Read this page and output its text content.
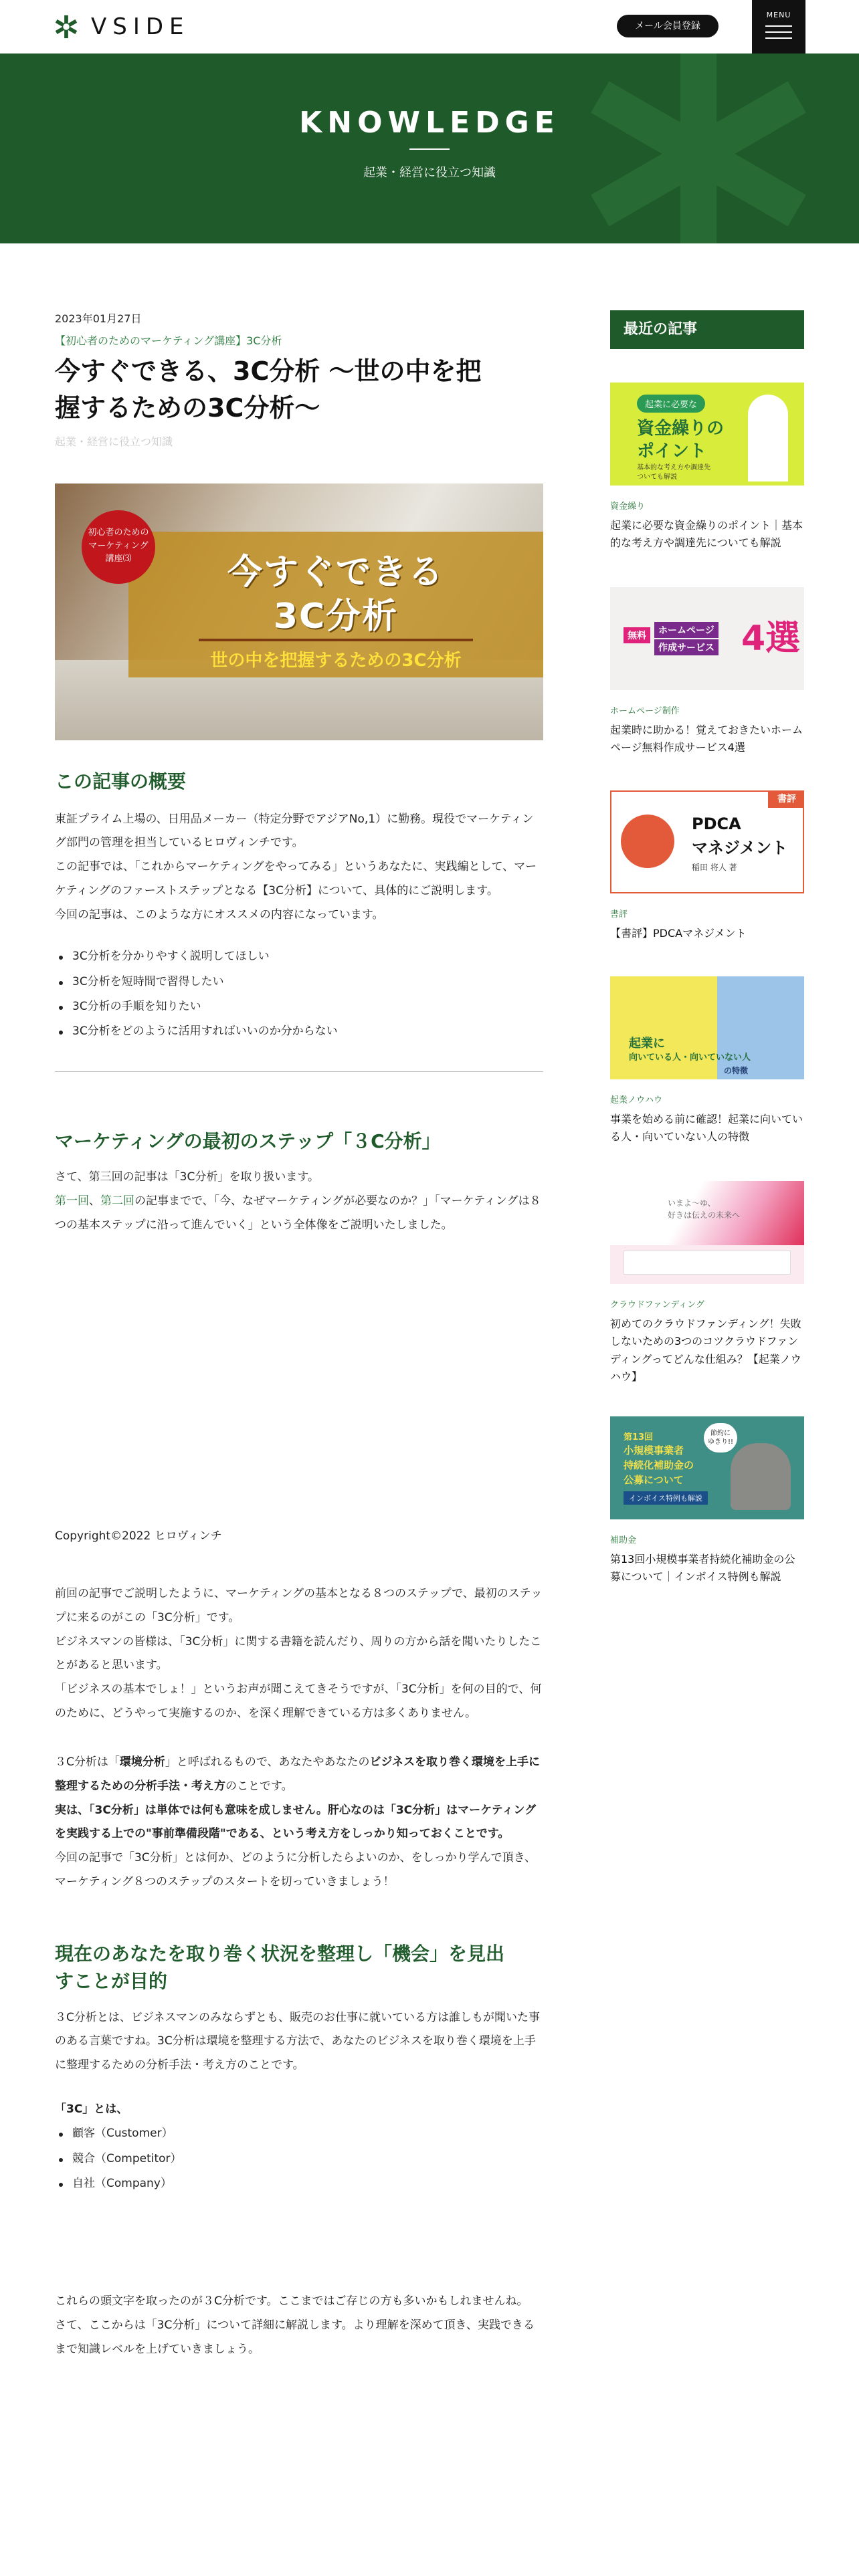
VSIDE	メール会員登録
MENU
KNOWLEDGE
起業・経営に役立つ知識
2023年01月27日
【初心者のためのマーケティング講座】3C分析
今すぐできる、3C分析 〜世の中を把
握するための3C分析〜
起業・経営に役立つ知識
初心者のための
マーケティング
講座⑶	今すぐできる
3C分析
世の中を把握するための3C分析
この記事の概要

東証プライム上場の、日用品メーカー（特定分野でアジアNo,1）に勤務。現役でマーケティング部門の管理を担当しているヒロヴィンチです。

この記事では、「これからマーケティングをやってみる」というあなたに、実践編として、マーケティングのファーストステップとなる【3C分析】について、具体的にご説明します。

今回の記事は、このような方にオススメの内容になっています。

3C分析を分かりやすく説明してほしい
3C分析を短時間で習得したい
3C分析の手順を知りたい
3C分析をどのように活用すればいいのか分からない
マーケティングの最初のステップ「３C分析」

さて、第三回の記事は「3C分析」を取り扱います。

第一回、第二回の記事までで、「今、なぜマーケティングが必要なのか？」「マーケティングは８つの基本ステップに沿って進んでいく」という全体像をご説明いたしました。

Copyright©2022 ヒロヴィンチ

前回の記事でご説明したように、マーケティングの基本となる８つのステップで、最初のステップに来るのがこの「3C分析」です。

ビジネスマンの皆様は、「3C分析」に関する書籍を読んだり、周りの方から話を聞いたりしたことがあると思います。

「ビジネスの基本でしょ！」というお声が聞こえてきそうですが、「3C分析」を何の目的で、何のために、どうやって実施するのか、を深く理解できている方は多くありません。

３C分析は「環境分析」と呼ばれるもので、あなたやあなたのビジネスを取り巻く環境を上手に整理するための分析手法・考え方のことです。

実は、「3C分析」は単体では何も意味を成しません。肝心なのは「3C分析」はマーケティングを実践する上での"事前準備段階"である、という考え方をしっかり知っておくことです。

今回の記事で「3C分析」とは何か、どのように分析したらよいのか、をしっかり学んで頂き、マーケティング８つのステップのスタートを切っていきましょう！

現在のあなたを取り巻く状況を整理し「機会」を見出
すことが目的

３C分析とは、ビジネスマンのみならずとも、販売のお仕事に就いている方は誰しもが聞いた事のある言葉ですね。3C分析は環境を整理する方法で、あなたのビジネスを取り巻く環境を上手に整理するための分析手法・考え方のことです。

「3C」とは、

顧客（Customer）
競合（Competitor）
自社（Company）

これらの頭文字を取ったのが３C分析です。ここまではご存じの方も多いかもしれませんね。

さて、ここからは「3C分析」について詳細に解説します。より理解を深めて頂き、実践できるまで知識レベルを上げていきましょう。

最近の記事
起業に必要な
資金繰りの
ポイント
基本的な考え方や調達先
ついても解説
資金繰り
起業に必要な資金繰りのポイント｜基本的な考え方や調達先についても解説
無料	ホームページ
作成サービス 4選
ホームページ制作
起業時に助かる！覚えておきたいホームページ無料作成サービス4選
PDCA
マネジメント
稲田 将人 著
書評
書評
【書評】PDCAマネジメント
起業に
向いている人・向いていない人
の特徴
起業ノウハウ
事業を始める前に確認！起業に向いている人・向いていない人の特徴
いまよ〜ゆ、
好きは伝えの未来へ
クラウドファンディング
初めてのクラウドファンディング！失敗しないための3つのコツクラウドファンディングってどんな仕組み？【起業ノウハウ】
第13回
小規模事業者
持続化補助金の
公募について
インボイス特例も解説
節約に
ゆきり!!
補助金
第13回小規模事業者持続化補助金の公募について｜インボイス特例も解説
